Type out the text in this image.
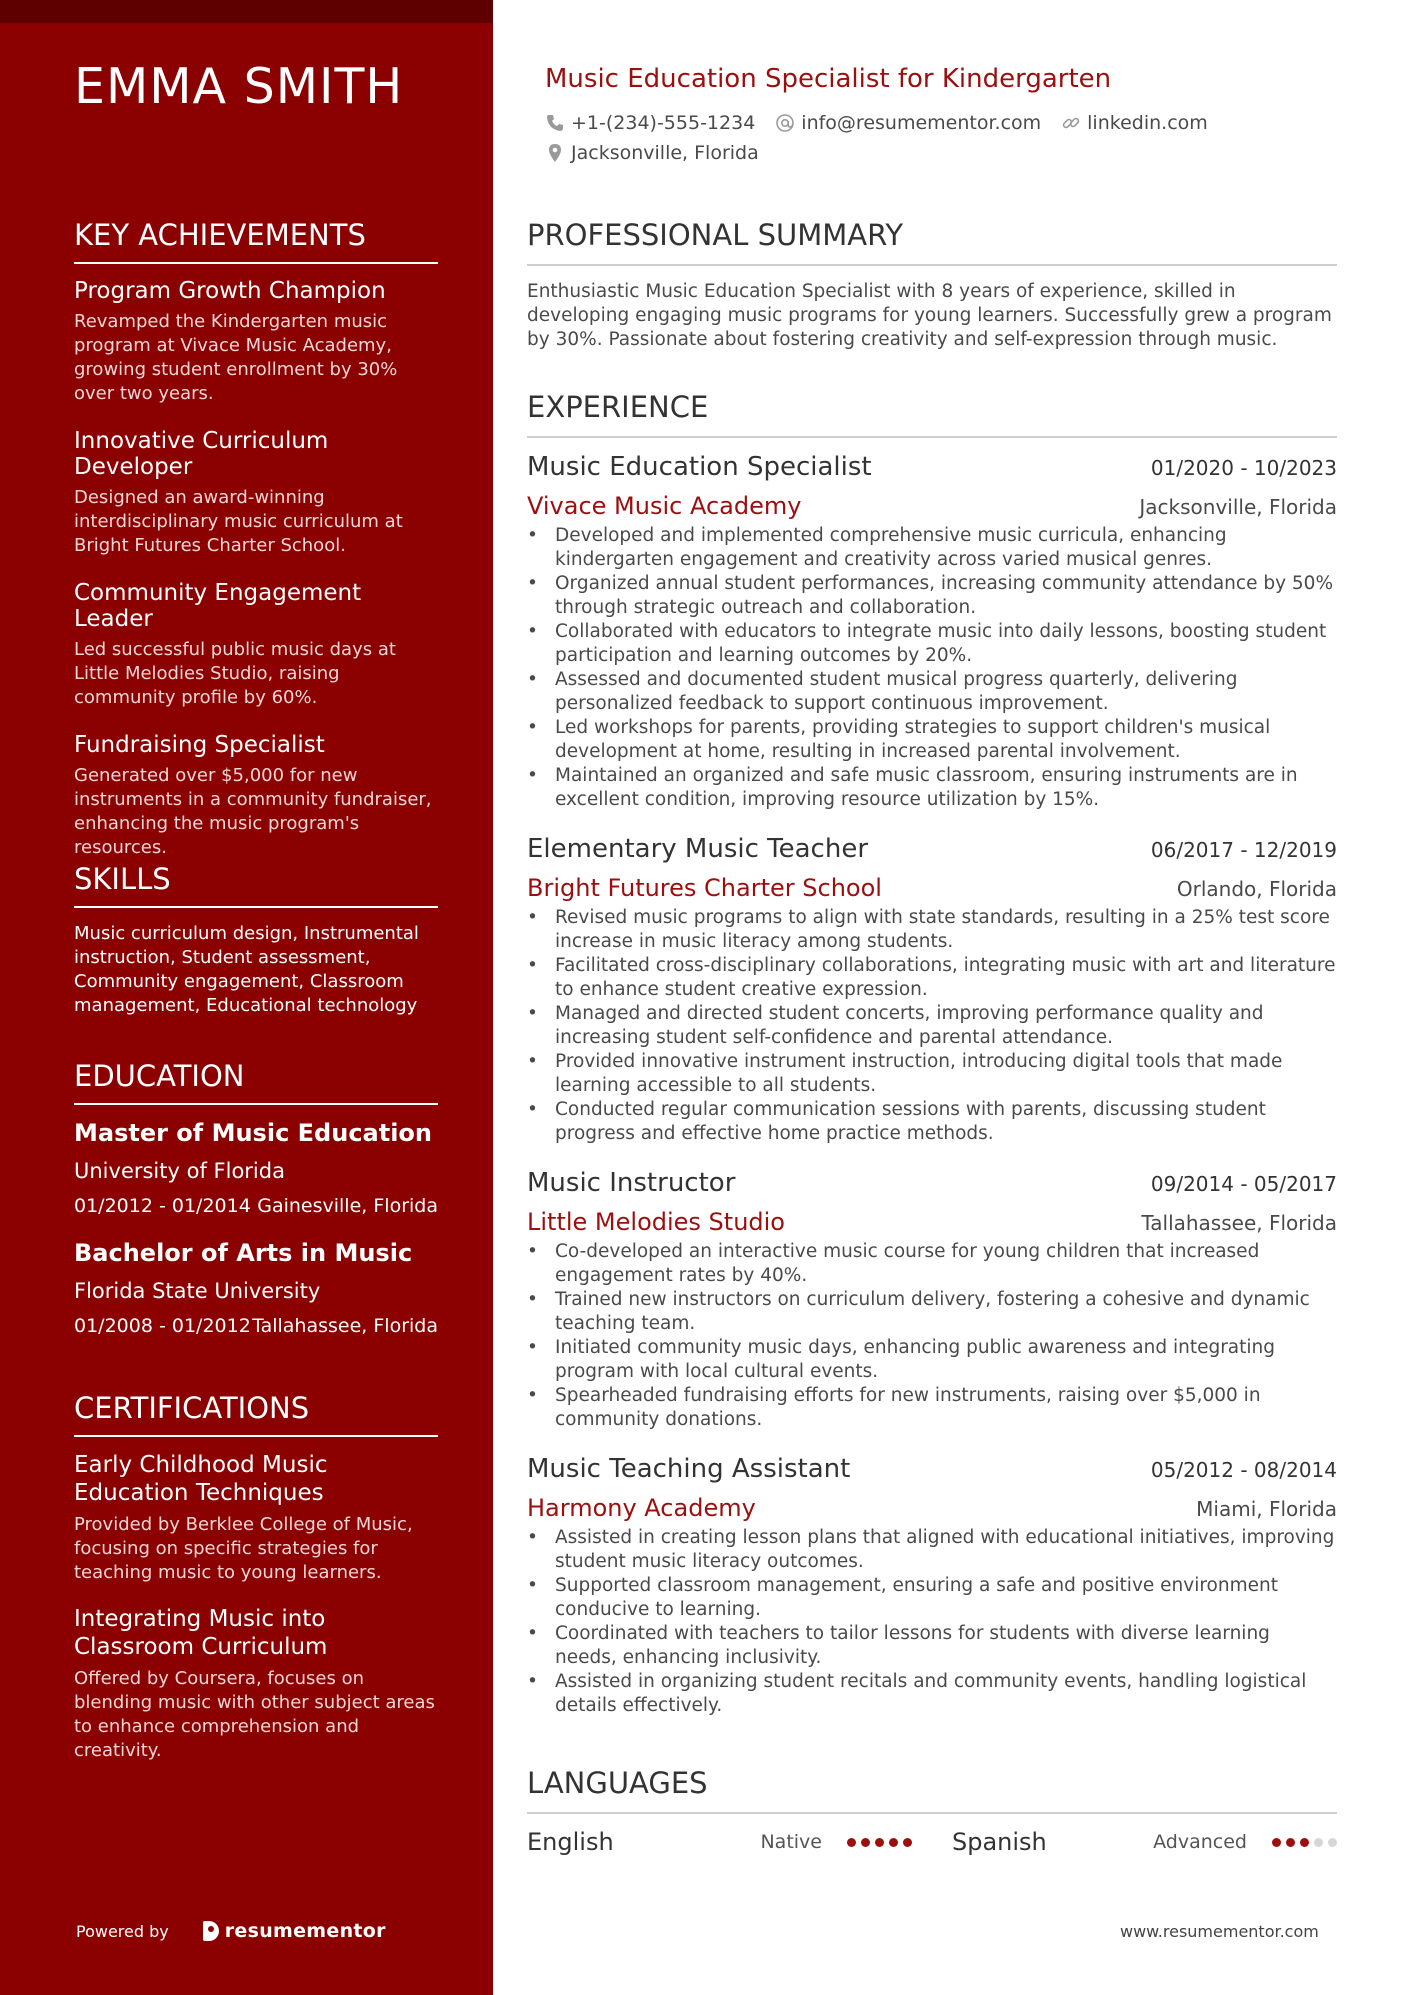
EMMA SMITH
KEY ACHIEVEMENTS
Program Growth Champion
Revamped the Kindergarten music program at Vivace Music Academy, growing student enrollment by 30% over two years.
Innovative Curriculum Developer
Designed an award-winning interdisciplinary music curriculum at Bright Futures Charter School.
Community Engagement Leader
Led successful public music days at Little Melodies Studio, raising community profile by 60%.
Fundraising Specialist
Generated over $5,000 for new instruments in a community fundraiser, enhancing the music program's resources.
SKILLS
Music curriculum design, Instrumental instruction, Student assessment, Community engagement, Classroom management, Educational technology
EDUCATION
Master of Music Education
University of Florida
01/2012 - 01/2014 Gainesville, Florida
Bachelor of Arts in Music
Florida State University
01/2008 - 01/2012 Tallahassee, Florida
CERTIFICATIONS
Early Childhood Music Education Techniques
Provided by Berklee College of Music, focusing on specific strategies for teaching music to young learners.
Integrating Music into Classroom Curriculum
Offered by Coursera, focuses on blending music with other subject areas to enhance comprehension and creativity.
Powered by	resumementor
Music Education Specialist for Kindergarten
+1-(234)-555-1234 info@resumementor.com linkedin.com
Jacksonville, Florida
PROFESSIONAL SUMMARY
Enthusiastic Music Education Specialist with 8 years of experience, skilled in developing engaging music programs for young learners. Successfully grew a program by 30%. Passionate about fostering creativity and self-expression through music.
EXPERIENCE
Music Education Specialist	01/2020 - 10/2023
Vivace Music Academy	Jacksonville, Florida
• Developed and implemented comprehensive music curricula, enhancing kindergarten engagement and creativity across varied musical genres.
• Organized annual student performances, increasing community attendance by 50% through strategic outreach and collaboration.
• Collaborated with educators to integrate music into daily lessons, boosting student participation and learning outcomes by 20%.
• Assessed and documented student musical progress quarterly, delivering personalized feedback to support continuous improvement.
• Led workshops for parents, providing strategies to support children's musical development at home, resulting in increased parental involvement.
• Maintained an organized and safe music classroom, ensuring instruments are in excellent condition, improving resource utilization by 15%.
Elementary Music Teacher	06/2017 - 12/2019
Bright Futures Charter School	Orlando, Florida
• Revised music programs to align with state standards, resulting in a 25% test score increase in music literacy among students.
• Facilitated cross-disciplinary collaborations, integrating music with art and literature to enhance student creative expression.
• Managed and directed student concerts, improving performance quality and increasing student self-confidence and parental attendance.
• Provided innovative instrument instruction, introducing digital tools that made learning accessible to all students.
• Conducted regular communication sessions with parents, discussing student progress and effective home practice methods.
Music Instructor	09/2014 - 05/2017
Little Melodies Studio	Tallahassee, Florida
• Co-developed an interactive music course for young children that increased engagement rates by 40%.
• Trained new instructors on curriculum delivery, fostering a cohesive and dynamic teaching team.
• Initiated community music days, enhancing public awareness and integrating program with local cultural events.
• Spearheaded fundraising efforts for new instruments, raising over $5,000 in community donations.
Music Teaching Assistant	05/2012 - 08/2014
Harmony Academy	Miami, Florida
• Assisted in creating lesson plans that aligned with educational initiatives, improving student music literacy outcomes.
• Supported classroom management, ensuring a safe and positive environment conducive to learning.
• Coordinated with teachers to tailor lessons for students with diverse learning needs, enhancing inclusivity.
• Assisted in organizing student recitals and community events, handling logistical details effectively.
LANGUAGES
English	Native	Spanish	Advanced
www.resumementor.com
